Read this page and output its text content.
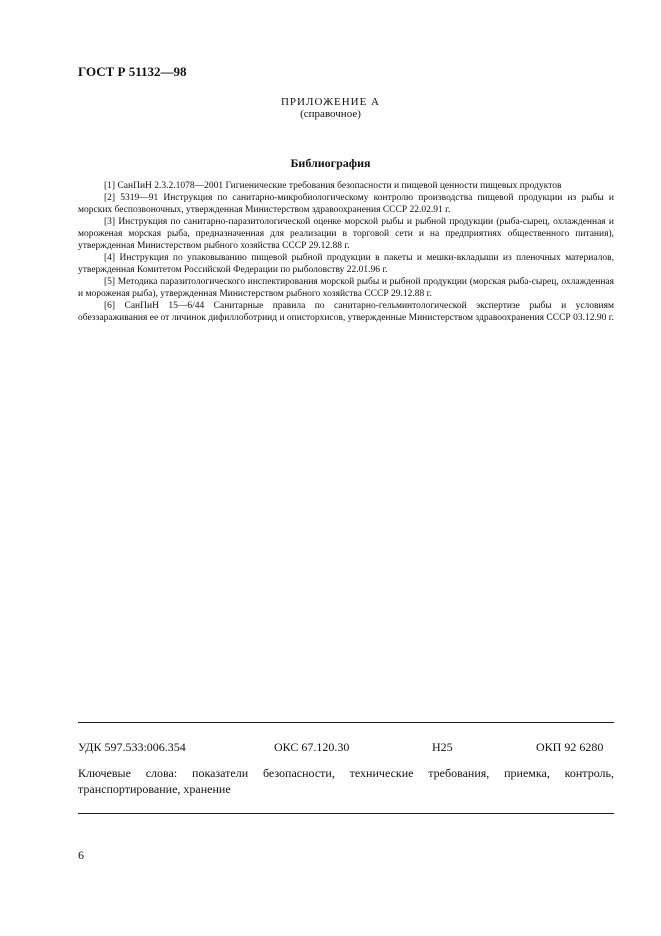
ГОСТ Р 51132—98
ПРИЛОЖЕНИЕ А
(справочное)
Библиография

[1] СанПиН 2.3.2.1078—2001 Гигиенические требования безопасности и пищевой ценности пищевых продуктов

[2] 5319—91 Инструкция по санитарно-микробиологическому контролю производства пищевой продукции из рыбы и морских беспозвоночных, утвержденная Министерством здравоохранения СССР 22.02.91 г.

[3] Инструкция по санитарно-паразитологической оценке морской рыбы и рыбной продукции (рыба-сырец, охлажденная и мороженая морская рыба, предназначенная для реализации в торговой сети и на предприятиях общественного питания), утвержденная Министерством рыбного хозяйства СССР 29.12.88 г.

[4] Инструкция по упаковыванию пищевой рыбной продукции в пакеты и мешки-вкладыши из пленочных материалов, утвержденная Комитетом Российской Федерации по рыболовству 22.01.96 г.

[5] Методика паразитологического инспектирования морской рыбы и рыбной продукции (морская рыба-сырец, охлажденная и мороженая рыба), утвержденная Министерством рыбного хозяйства СССР 29.12.88 г.

[6] СанПиН 15—6/44 Санитарные правила по санитарно-гельминтологической экспертизе рыбы и условиям обеззараживания ее от личинок дифиллоботриид и описторхисов, утвержденные Министерством здравоохранения СССР 03.12.90 г.

УДК 597.533:006.354	ОКС 67.120.30	Н25	ОКП 92 6280
Ключевые слова: показатели безопасности, технические требования, приемка, контроль, транспортирование, хранение
6
